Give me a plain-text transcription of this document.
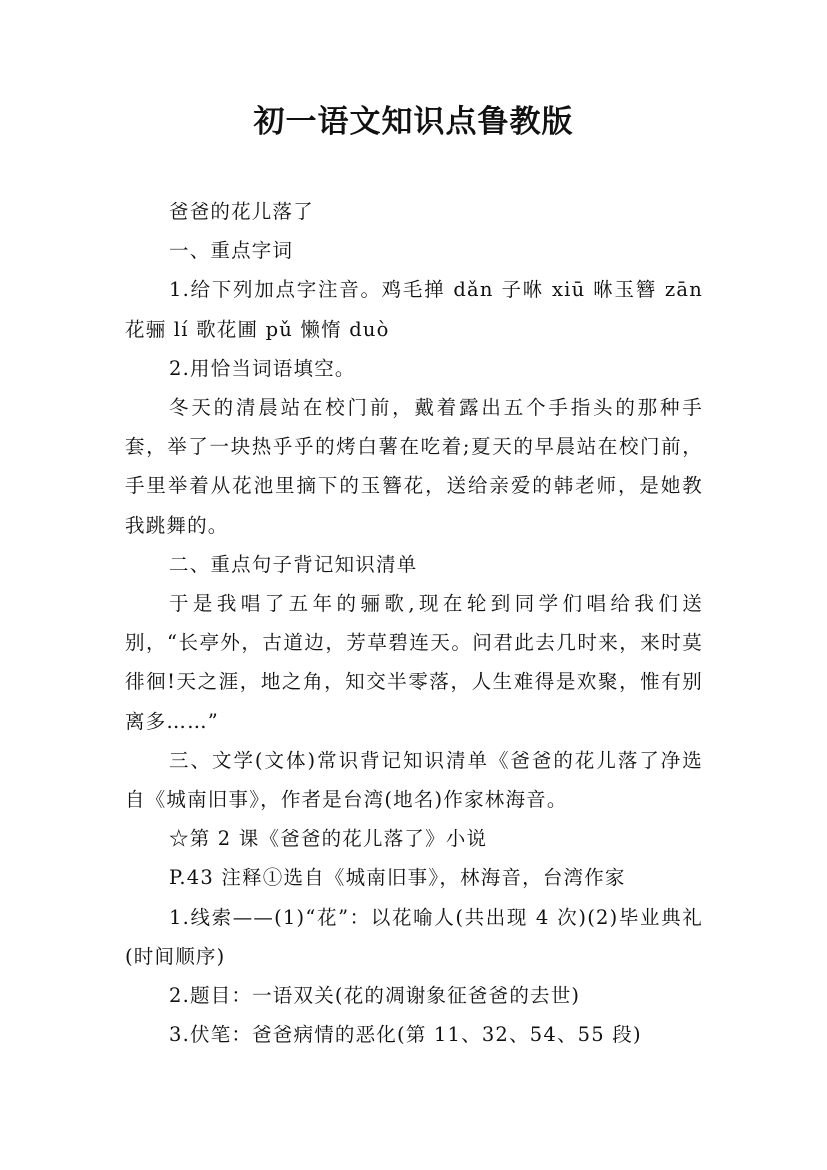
初一语文知识点鲁教版

爸爸的花儿落了

一、重点字词

1.给下列加点字注音。鸡毛掸 dǎn 子咻 xiū 咻玉簪 zān 花骊 lí 歌花圃 pǔ 懒惰 duò

2.用恰当词语填空。

冬天的清晨站在校门前，戴着露出五个手指头的那种手套，举了一块热乎乎的烤白薯在吃着;夏天的早晨站在校门前，手里举着从花池里摘下的玉簪花，送给亲爱的韩老师，是她教我跳舞的。

二、重点句子背记知识清单

于是我唱了五年的骊歌,现在轮到同学们唱给我们送别，“长亭外，古道边，芳草碧连天。问君此去几时来，来时莫徘徊!天之涯，地之角，知交半零落，人生难得是欢聚，惟有别离多……”

三、文学(文体)常识背记知识清单《爸爸的花儿落了净选自《城南旧事》，作者是台湾(地名)作家林海音。

☆第 2 课《爸爸的花儿落了》小说

P.43 注释①选自《城南旧事》，林海音，台湾作家

1.线索——(1)“花”：以花喻人(共出现 4 次)(2)毕业典礼(时间顺序)

2.题目：一语双关(花的凋谢象征爸爸的去世)

3.伏笔：爸爸病情的恶化(第 11、32、54、55 段)
